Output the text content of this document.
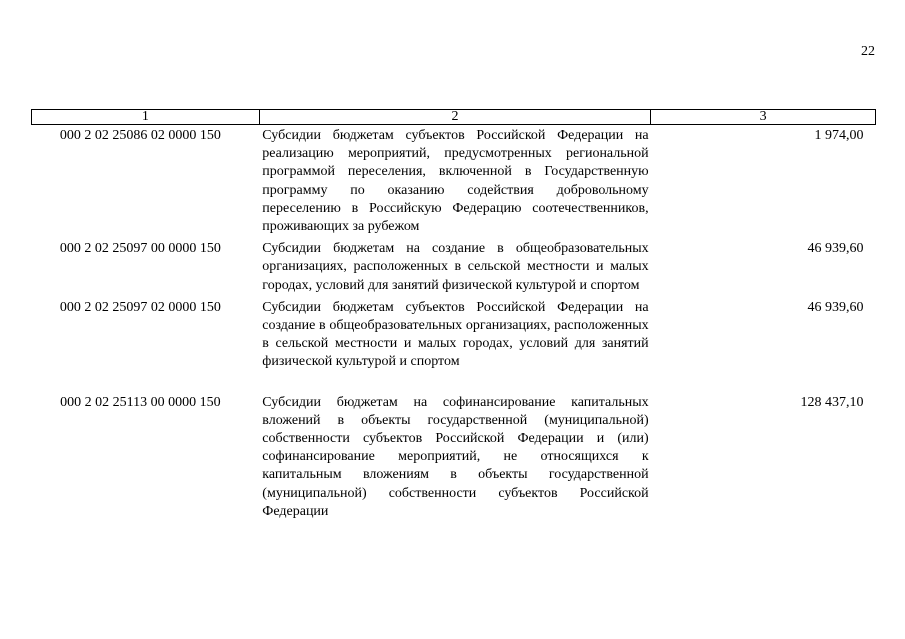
22
1	2	3
000 2 02 25086 02 0000 150	Субсидии бюджетам субъектов Российской Федерации на реализацию мероприятий, предусмотренных региональной программой переселения, включенной в Государственную программу по оказанию содействия добровольному переселению в Российскую Федерацию соотечественников, проживающих за рубежом	1 974,00
000 2 02 25097 00 0000 150	Субсидии бюджетам на создание в общеобразовательных организациях, расположенных в сельской местности и малых городах, условий для занятий физической культурой и спортом	46 939,60
000 2 02 25097 02 0000 150	Субсидии бюджетам субъектов Российской Федерации на создание в общеобразовательных организациях, расположенных в сельской местности и малых городах, условий для занятий физической культурой и спортом	46 939,60
000 2 02 25113 00 0000 150	Субсидии бюджетам на софинансирование капитальных вложений в объекты государственной (муниципальной) собственности субъектов Российской Федерации и (или) софинансирование мероприятий, не относящихся к капитальным вложениям в объекты государственной (муниципальной) собственности субъектов Российской Федерации	128 437,10
